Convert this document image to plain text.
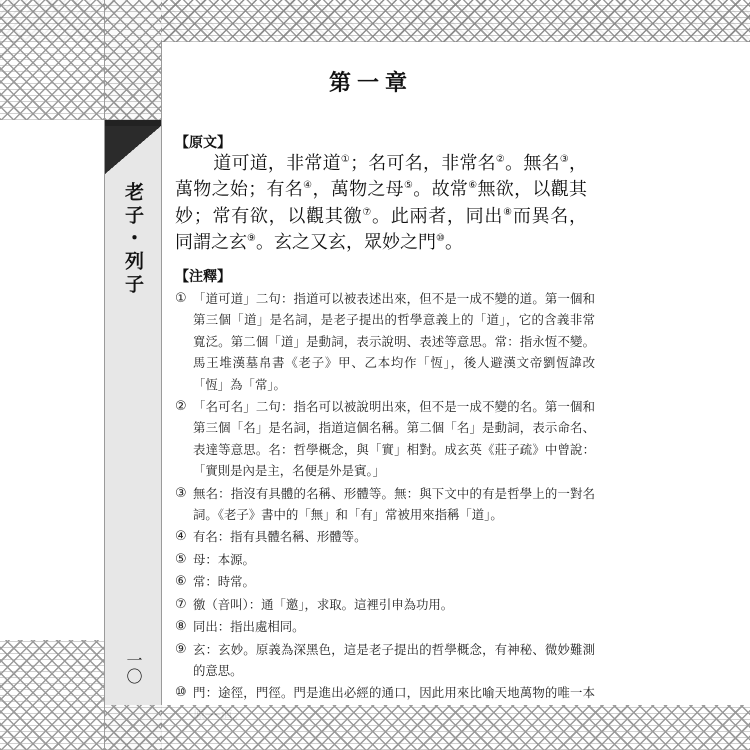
老子・列子
一〇
第一章
【原文】
道可道，非常道①；名可名，非常名②。無名③，萬物之始；有名④，萬物之母⑤。故常⑥無欲，以觀其妙；常有欲，以觀其徼⑦。此兩者，同出⑧而異名，同謂之玄⑨。玄之又玄，眾妙之門⑩。
【注釋】
① 「道可道」二句：指道可以被表述出來，但不是一成不變的道。第一個和第三個「道」是名詞，是老子提出的哲學意義上的「道」，它的含義非常寬泛。第二個「道」是動詞，表示說明、表述等意思。常：指永恆不變。馬王堆漢墓帛書《老子》甲、乙本均作「恆」，後人避漢文帝劉恆諱改「恆」為「常」。
② 「名可名」二句：指名可以被說明出來，但不是一成不變的名。第一個和第三個「名」是名詞，指道這個名稱。第二個「名」是動詞，表示命名、表達等意思。名：哲學概念，與「實」相對。成玄英《莊子疏》中曾說：「實則是內是主，名便是外是賓。」
③ 無名：指沒有具體的名稱、形體等。無：與下文中的有是哲學上的一對名詞。《老子》書中的「無」和「有」常被用來指稱「道」。
④ 有名：指有具體名稱、形體等。
⑤ 母：本源。
⑥ 常：時常。
⑦ 徼（音叫）：通「邀」，求取。這裡引申為功用。
⑧ 同出：指出處相同。
⑨ 玄：玄妙。原義為深黑色，這是老子提出的哲學概念，有神秘、微妙難測的意思。
⑩ 門：途徑，門徑。門是進出必經的通口，因此用來比喻天地萬物的唯一本
